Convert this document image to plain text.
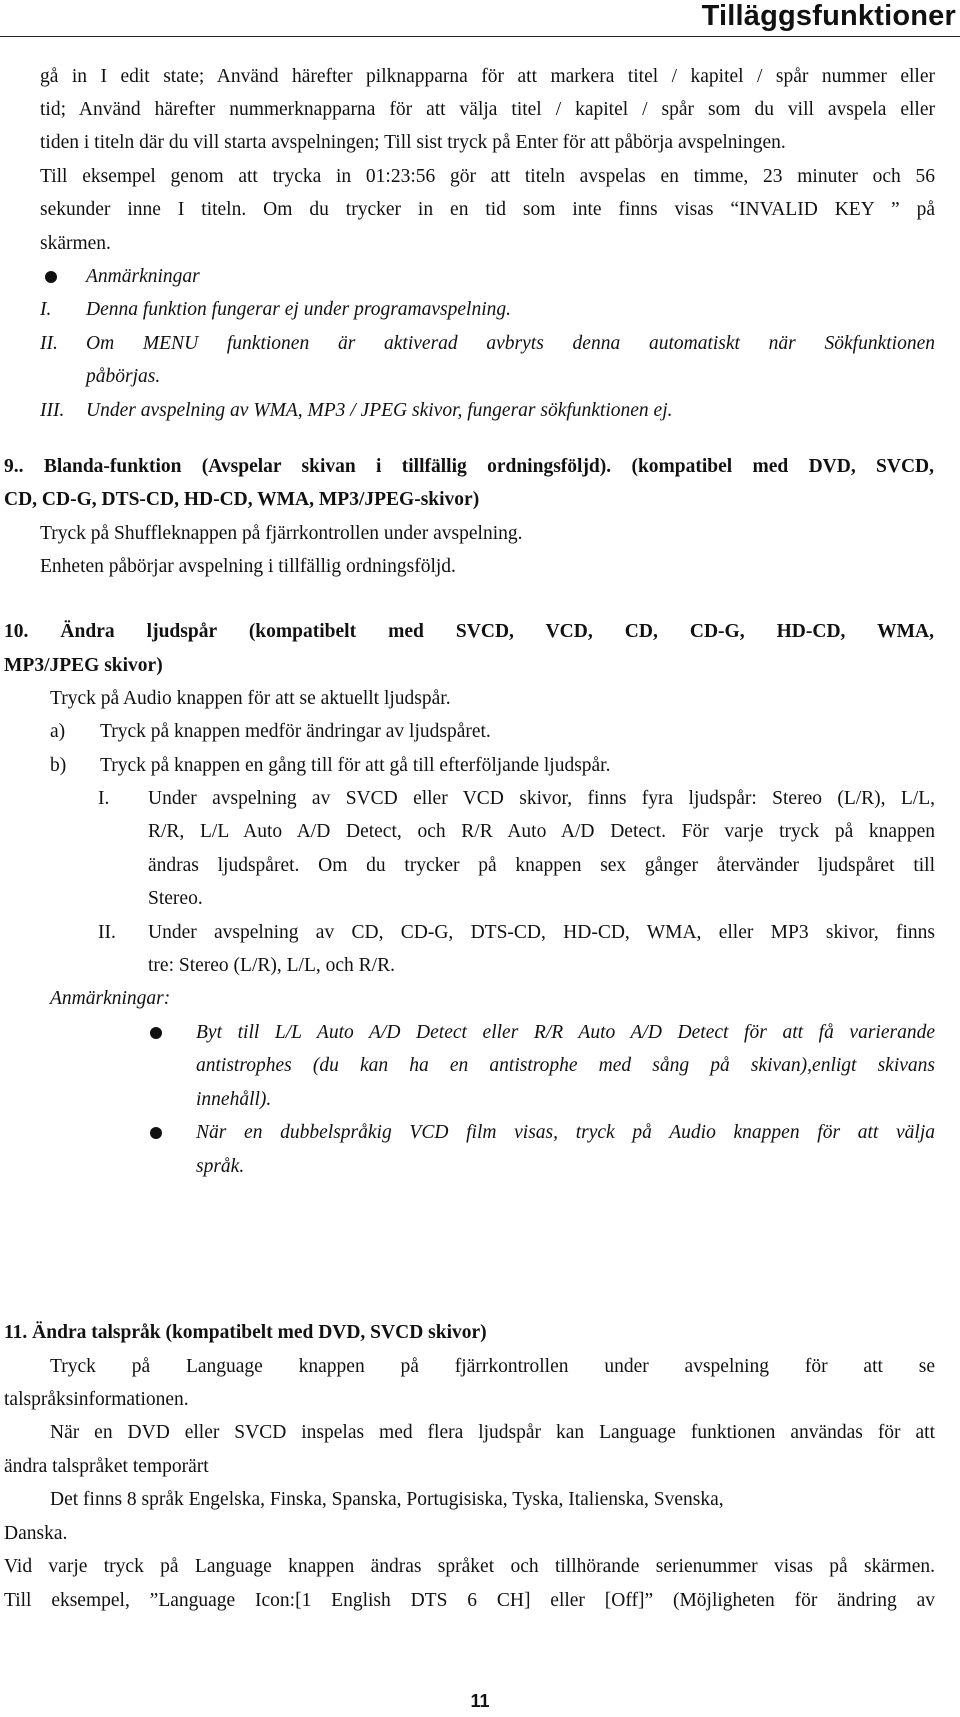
Tilläggsfunktioner
gå in I edit state; Använd härefter pilknapparna för att markera titel / kapitel / spår nummer eller
tid; Använd härefter nummerknapparna för att välja titel / kapitel / spår som du vill avspela eller
tiden i titeln där du vill starta avspelningen; Till sist tryck på Enter för att påbörja avspelningen.
Till eksempel genom att trycka in 01:23:56 gör att titeln avspelas en timme, 23 minuter och 56
sekunder inne I titeln. Om du trycker in en tid som inte finns visas “INVALID KEY ” på
skärmen.
Anmärkningar
I. Denna funktion fungerar ej under programavspelning.
II. Om MENU funktionen är aktiverad avbryts denna automatiskt när Sökfunktionen
påbörjas.
III. Under avspelning av WMA, MP3 / JPEG skivor, fungerar sökfunktionen ej.
9.. Blanda-funktion (Avspelar skivan i tillfällig ordningsföljd). (kompatibel med DVD, SVCD,
CD, CD-G, DTS-CD, HD-CD, WMA, MP3/JPEG-skivor)
Tryck på Shuffleknappen på fjärrkontrollen under avspelning.
Enheten påbörjar avspelning i tillfällig ordningsföljd.
10. Ändra ljudspår (kompatibelt med SVCD, VCD, CD, CD-G, HD-CD, WMA,
MP3/JPEG skivor)
Tryck på Audio knappen för att se aktuellt ljudspår.
a) Tryck på knappen medför ändringar av ljudspåret.
b) Tryck på knappen en gång till för att gå till efterföljande ljudspår.
I. Under avspelning av SVCD eller VCD skivor, finns fyra ljudspår: Stereo (L/R), L/L,
R/R, L/L Auto A/D Detect, och R/R Auto A/D Detect. För varje tryck på knappen
ändras ljudspåret. Om du trycker på knappen sex gånger återvänder ljudspåret till
Stereo.
II. Under avspelning av CD, CD-G, DTS-CD, HD-CD, WMA, eller MP3 skivor, finns
tre: Stereo (L/R), L/L, och R/R.
Anmärkningar:
Byt till L/L Auto A/D Detect eller R/R Auto A/D Detect för att få varierande
antistrophes (du kan ha en antistrophe med sång på skivan),enligt skivans
innehåll).
När en dubbelspråkig VCD film visas, tryck på Audio knappen för att välja
språk.
11. Ändra talspråk (kompatibelt med DVD, SVCD skivor)
Tryck på Language knappen på fjärrkontrollen under avspelning för att se
talspråksinformationen.
När en DVD eller SVCD inspelas med flera ljudspår kan Language funktionen användas för att
ändra talspråket temporärt
Det finns 8 språk Engelska, Finska, Spanska, Portugisiska, Tyska, Italienska, Svenska,
Danska.
Vid varje tryck på Language knappen ändras språket och tillhörande serienummer visas på skärmen.
Till eksempel, ”Language Icon:[1 English DTS 6 CH] eller [Off]” (Möjligheten för ändring av
11
